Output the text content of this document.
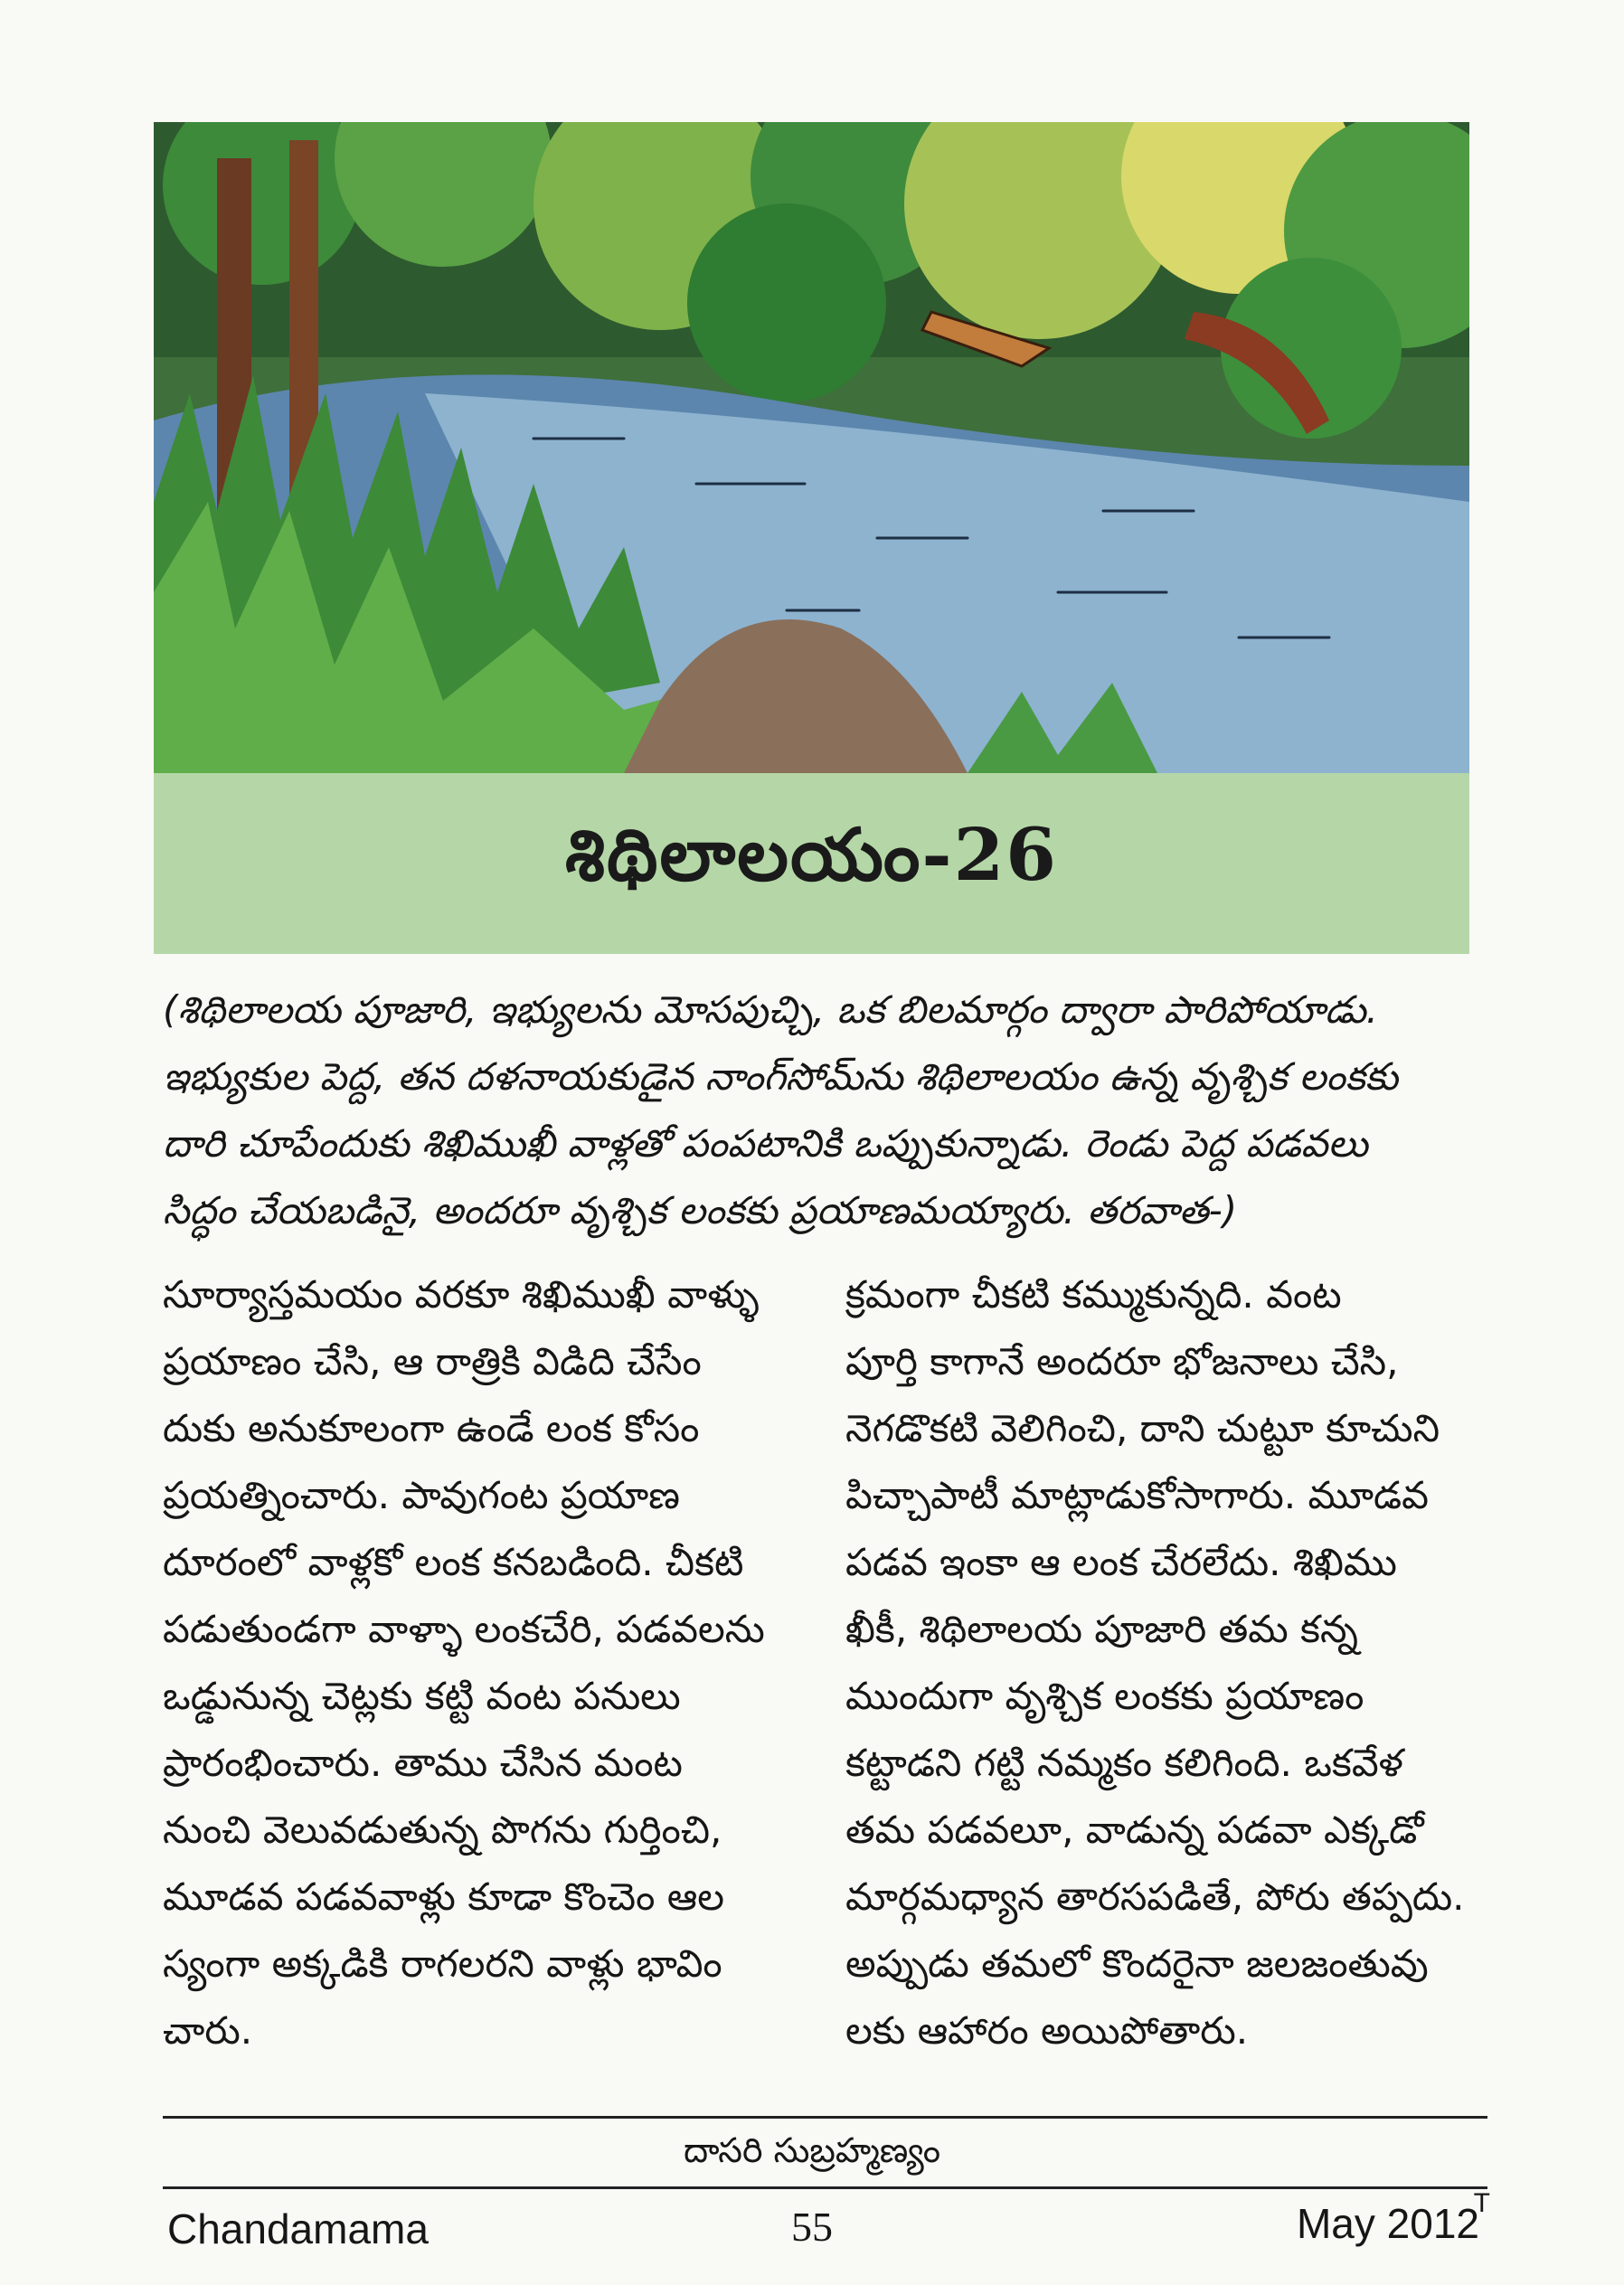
శిథిలాలయం-26

(శిథిలాలయ పూజారి, ఇభ్యులను మోసపుచ్చి, ఒక బిలమార్గం ద్వారా పారిపోయాడు.
ఇభ్యుకుల పెద్ద, తన దళనాయకుడైన నాంగ్‌సోమ్‌ను శిథిలాలయం ఉన్న వృశ్చిక లంకకు
దారి చూపేందుకు శిఖిముఖీ వాళ్లతో పంపటానికి ఒప్పుకున్నాడు. రెండు పెద్ద పడవలు
సిద్ధం చేయబడినై, అందరూ వృశ్చిక లంకకు ప్రయాణమయ్యారు. తరవాత-)

సూర్యాస్తమయం వరకూ శిఖిముఖీ వాళ్ళు
ప్రయాణం చేసి, ఆ రాత్రికి విడిది చేసేం
దుకు అనుకూలంగా ఉండే లంక కోసం
ప్రయత్నించారు. పావుగంట ప్రయాణ
దూరంలో వాళ్లకో లంక కనబడింది. చీకటి
పడుతుండగా వాళ్ళా లంకచేరి, పడవలను
ఒడ్డునున్న చెట్లకు కట్టి వంట పనులు
ప్రారంభించారు. తాము చేసిన మంట
నుంచి వెలువడుతున్న పొగను గుర్తించి,
మూడవ పడవవాళ్లు కూడా కొంచెం ఆల
స్యంగా అక్కడికి రాగలరని వాళ్లు భావిం
చారు.

క్రమంగా చీకటి కమ్ముకున్నది. వంట
పూర్తి కాగానే అందరూ భోజనాలు చేసి,
నెగడొకటి వెలిగించి, దాని చుట్టూ కూచుని
పిచ్చాపాటీ మాట్లాడుకోసాగారు. మూడవ
పడవ ఇంకా ఆ లంక చేరలేదు. శిఖిము
ఖీకీ, శిథిలాలయ పూజారి తమ కన్న
ముందుగా వృశ్చిక లంకకు ప్రయాణం
కట్టాడని గట్టి నమ్మకం కలిగింది. ఒకవేళ
తమ పడవలూ, వాడున్న పడవా ఎక్కడో
మార్గమధ్యాన తారసపడితే, పోరు తప్పదు.
అప్పుడు తమలో కొందరైనా జలజంతువు
లకు ఆహారం అయిపోతారు.

దాసరి సుబ్రహ్మణ్యం
Chandamama	55	May 2012
T
